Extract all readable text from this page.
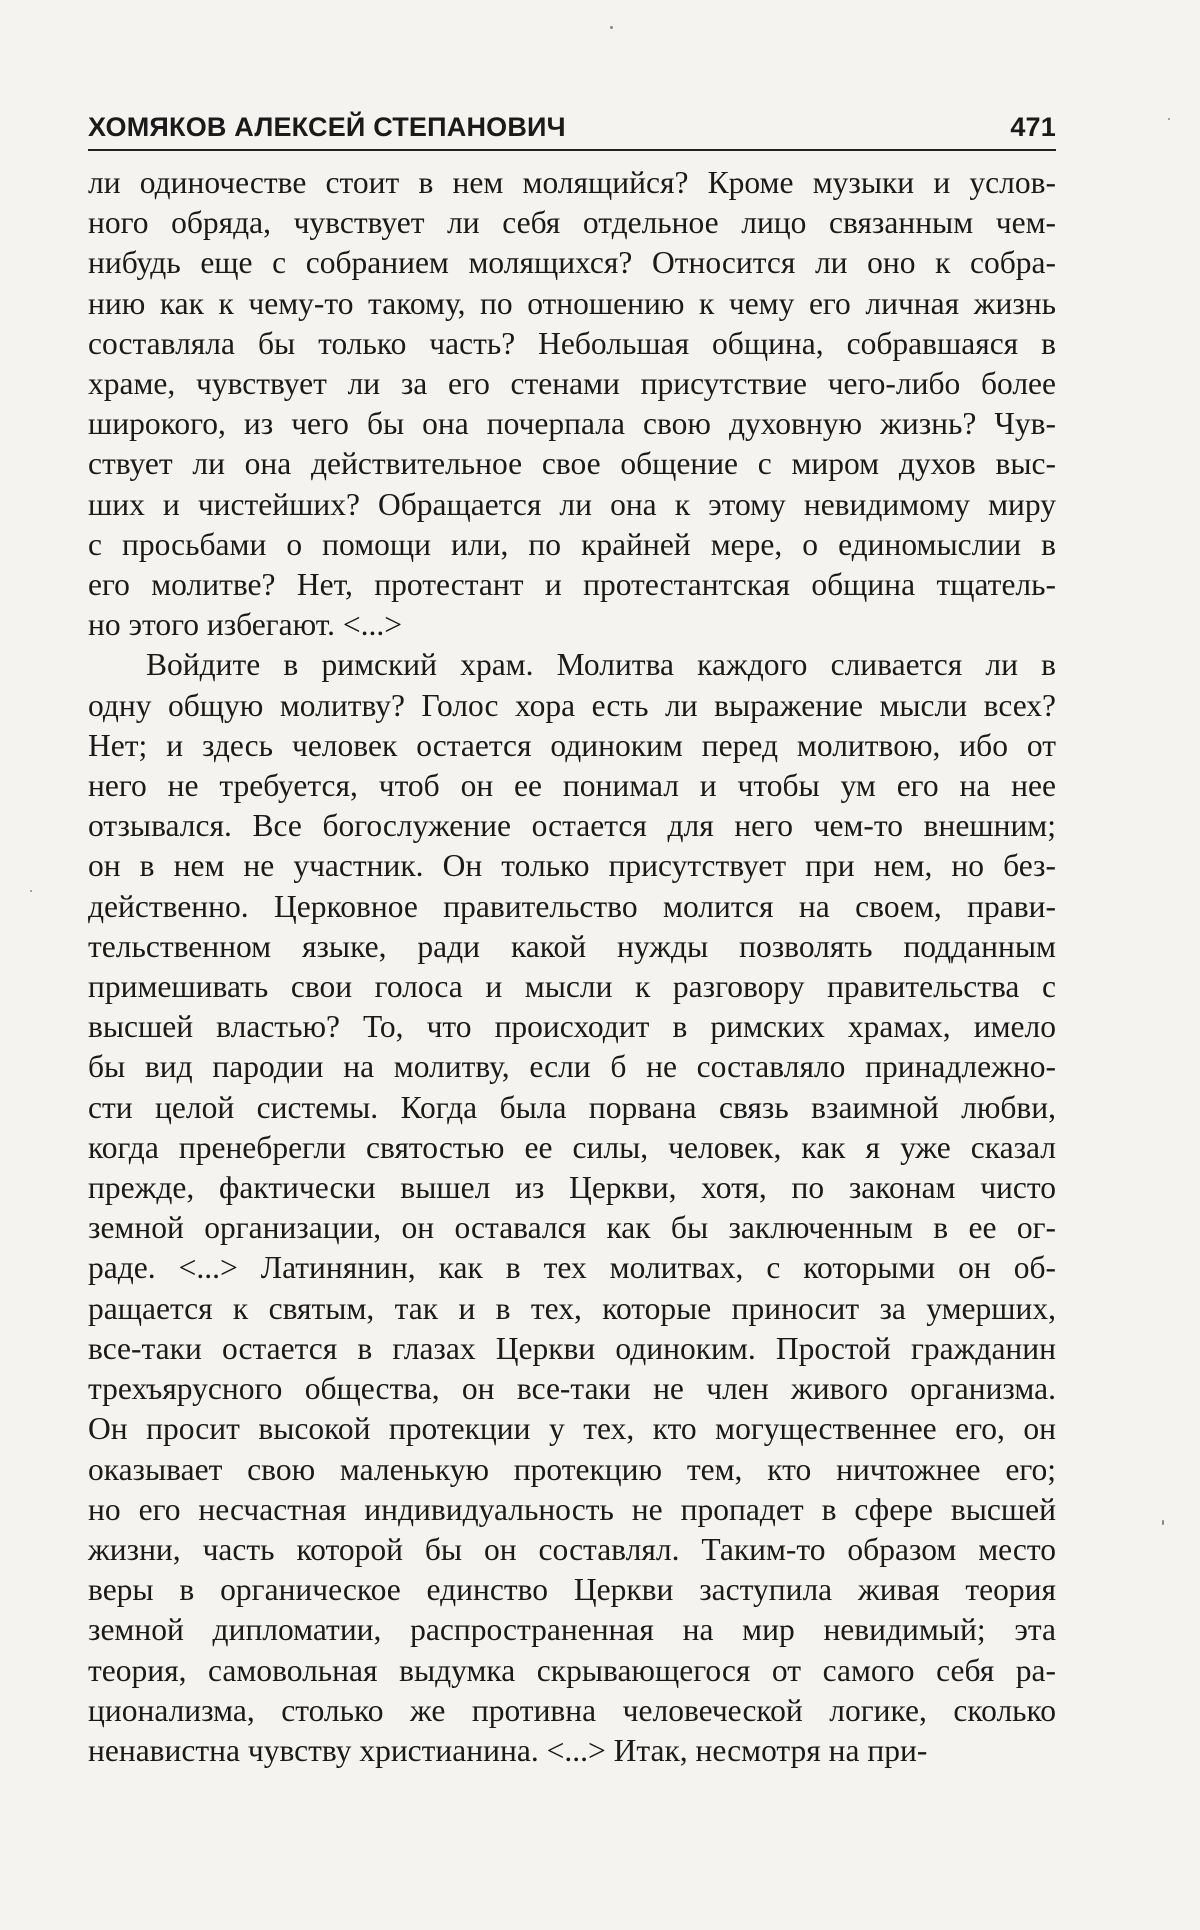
ХОМЯКОВ АЛЕКСЕЙ СТЕПАНОВИЧ	471
ли одиночестве стоит в нем молящийся? Кроме музыки и услов-
ного обряда, чувствует ли себя отдельное лицо связанным чем-
нибудь еще с собранием молящихся? Относится ли оно к собра-
нию как к чему-то такому, по отношению к чему его личная жизнь
составляла бы только часть? Небольшая община, собравшаяся в
храме, чувствует ли за его стенами присутствие чего-либо более
широкого, из чего бы она почерпала свою духовную жизнь? Чув-
ствует ли она действительное свое общение с миром духов выс-
ших и чистейших? Обращается ли она к этому невидимому миру
с просьбами о помощи или, по крайней мере, о единомыслии в
его молитве? Нет, протестант и протестантская община тщатель-
но этого избегают. <...>
Войдите в римский храм. Молитва каждого сливается ли в
одну общую молитву? Голос хора есть ли выражение мысли всех?
Нет; и здесь человек остается одиноким перед молитвою, ибо от
него не требуется, чтоб он ее понимал и чтобы ум его на нее
отзывался. Все богослужение остается для него чем-то внешним;
он в нем не участник. Он только присутствует при нем, но без-
действенно. Церковное правительство молится на своем, прави-
тельственном языке, ради какой нужды позволять подданным
примешивать свои голоса и мысли к разговору правительства с
высшей властью? То, что происходит в римских храмах, имело
бы вид пародии на молитву, если б не составляло принадлежно-
сти целой системы. Когда была порвана связь взаимной любви,
когда пренебрегли святостью ее силы, человек, как я уже сказал
прежде, фактически вышел из Церкви, хотя, по законам чисто
земной организации, он оставался как бы заключенным в ее ог-
раде. <...> Латинянин, как в тех молитвах, с которыми он об-
ращается к святым, так и в тех, которые приносит за умерших,
все-таки остается в глазах Церкви одиноким. Простой гражданин
трехъярусного общества, он все-таки не член живого организма.
Он просит высокой протекции у тех, кто могущественнее его, он
оказывает свою маленькую протекцию тем, кто ничтожнее его;
но его несчастная индивидуальность не пропадет в сфере высшей
жизни, часть которой бы он составлял. Таким-то образом место
веры в органическое единство Церкви заступила живая теория
земной дипломатии, распространенная на мир невидимый; эта
теория, самовольная выдумка скрывающегося от самого себя ра-
ционализма, столько же противна человеческой логике, сколько
ненавистна чувству христианина. <...> Итак, несмотря на при-
